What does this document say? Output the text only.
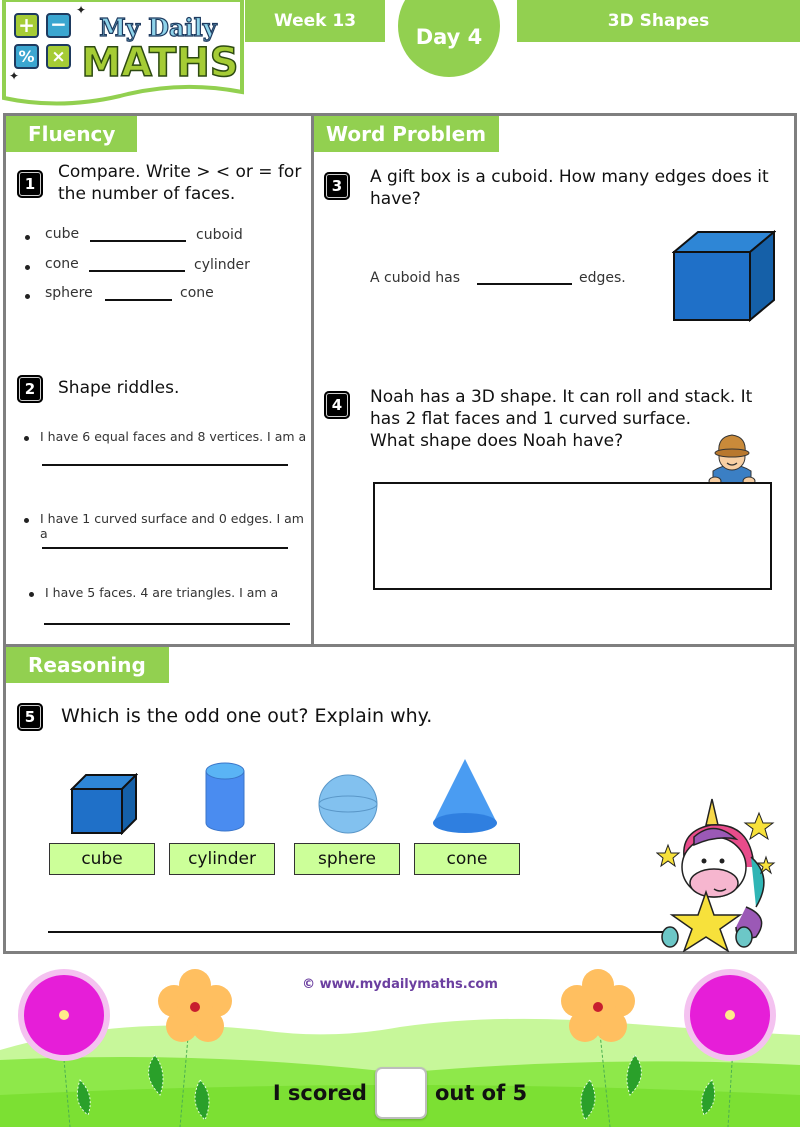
+ −
% ×
✦
✦
My Daily
MATHS
Week 13
Day 4
3D Shapes
Fluency
1
Compare. Write > < or = for the number of faces.
cube	cuboid
cone	cylinder
sphere	cone
2	Shape riddles.
I have 6 equal faces and 8 vertices. I am a
I have 1 curved surface and 0 edges. I am a
I have 5 faces. 4 are triangles. I am a
Word Problem
3	A gift box is a cuboid. How many edges does it have?
A cuboid has	edges.
4	Noah has a 3D shape. It can roll and stack. It
has 2 flat faces and 1 curved surface.
What shape does Noah have?
Reasoning
5	Which is the odd one out? Explain why.
cube	cylinder	sphere	cone
© www.mydailymaths.com
I scored	out of 5
